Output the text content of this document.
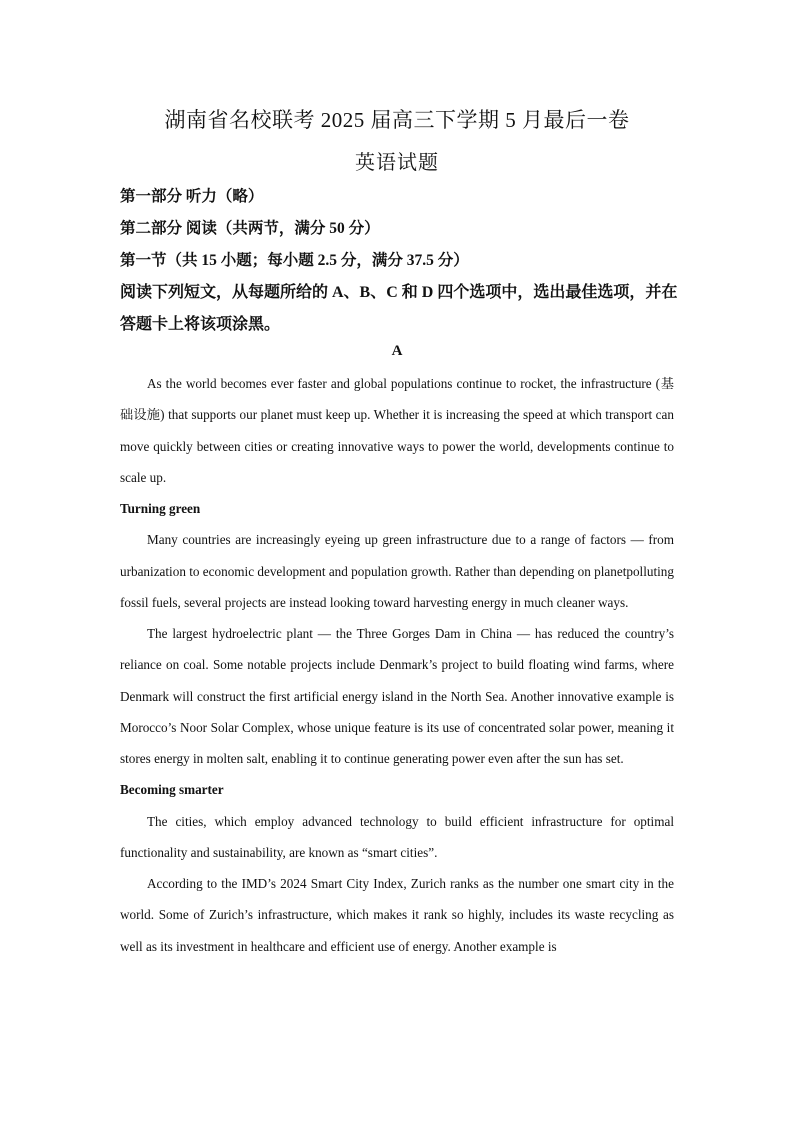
湖南省名校联考 2025 届高三下学期 5 月最后一卷
英语试题
第一部分 听力（略）
第二部分 阅读（共两节，满分 50 分）
第一节（共 15 小题；每小题 2.5 分，满分 37.5 分）
阅读下列短文，从每题所给的 A、B、C 和 D 四个选项中，选出最佳选项，并在
答题卡上将该项涂黑。
A

As the world becomes ever faster and global populations continue to rocket, the infrastructure (基础设施) that supports our planet must keep up. Whether it is increasing the speed at which transport can move quickly between cities or creating innovative ways to power the world, developments continue to scale up.

Turning green

Many countries are increasingly eyeing up green infrastructure due to a range of factors — from urbanization to economic development and population growth. Rather than depending on planetpolluting fossil fuels, several projects are instead looking toward harvesting energy in much cleaner ways.

The largest hydroelectric plant — the Three Gorges Dam in China — has reduced the country’s reliance on coal. Some notable projects include Denmark’s project to build floating wind farms, where Denmark will construct the first artificial energy island in the North Sea. Another innovative example is Morocco’s Noor Solar Complex, whose unique feature is its use of concentrated solar power, meaning it stores energy in molten salt, enabling it to continue generating power even after the sun has set.

Becoming smarter

The cities, which employ advanced technology to build efficient infrastructure for optimal functionality and sustainability, are known as “smart cities”.

According to the IMD’s 2024 Smart City Index, Zurich ranks as the number one smart city in the world. Some of Zurich’s infrastructure, which makes it rank so highly, includes its waste recycling as well as its investment in healthcare and efficient use of energy. Another example is
